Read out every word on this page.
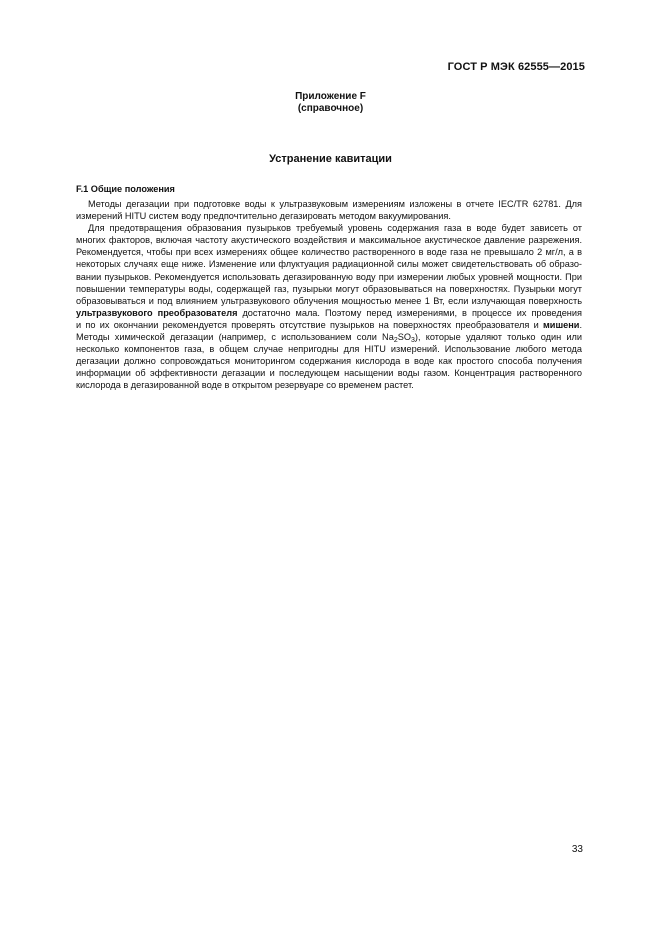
ГОСТ Р МЭК 62555—2015
Приложение F
(справочное)
Устранение кавитации
F.1 Общие положения
Методы дегазации при подготовке воды к ультразвуковым измерениям изложены в отчете IEC/TR 62781. Для
измерений HITU систем воду предпочтительно дегазировать методом вакуумирования.
Для предотвращения образования пузырьков требуемый уровень содержания газа в воде будет зависеть от
многих факторов, включая частоту акустического воздействия и максимальное акустическое давление разрежения.
Рекомендуется, чтобы при всех измерениях общее количество растворенного в воде газа не превышало 2 мг/л, а в
некоторых случаях еще ниже. Изменение или флуктуация радиационной силы может свидетельствовать об образо-
вании пузырьков. Рекомендуется использовать дегазированную воду при измерении любых уровней мощности. При
повышении температуры воды, содержащей газ, пузырьки могут образовываться на поверхностях. Пузырьки могут
образовываться и под влиянием ультразвукового облучения мощностью менее 1 Вт, если излучающая поверхность
ультразвукового преобразователя достаточно мала. Поэтому перед измерениями, в процессе их проведения
и по их окончании рекомендуется проверять отсутствие пузырьков на поверхностях преобразователя и мишени.
Методы химической дегазации (например, с использованием соли $Na_2SO_3$), которые удаляют только один или
несколько компонентов газа, в общем случае непригодны для HITU измерений. Использование любого метода
дегазации должно сопровождаться мониторингом содержания кислорода в воде как простого способа получения
информации об эффективности дегазации и последующем насыщении воды газом. Концентрация растворенного
кислорода в дегазированной воде в открытом резервуаре со временем растет.
33
